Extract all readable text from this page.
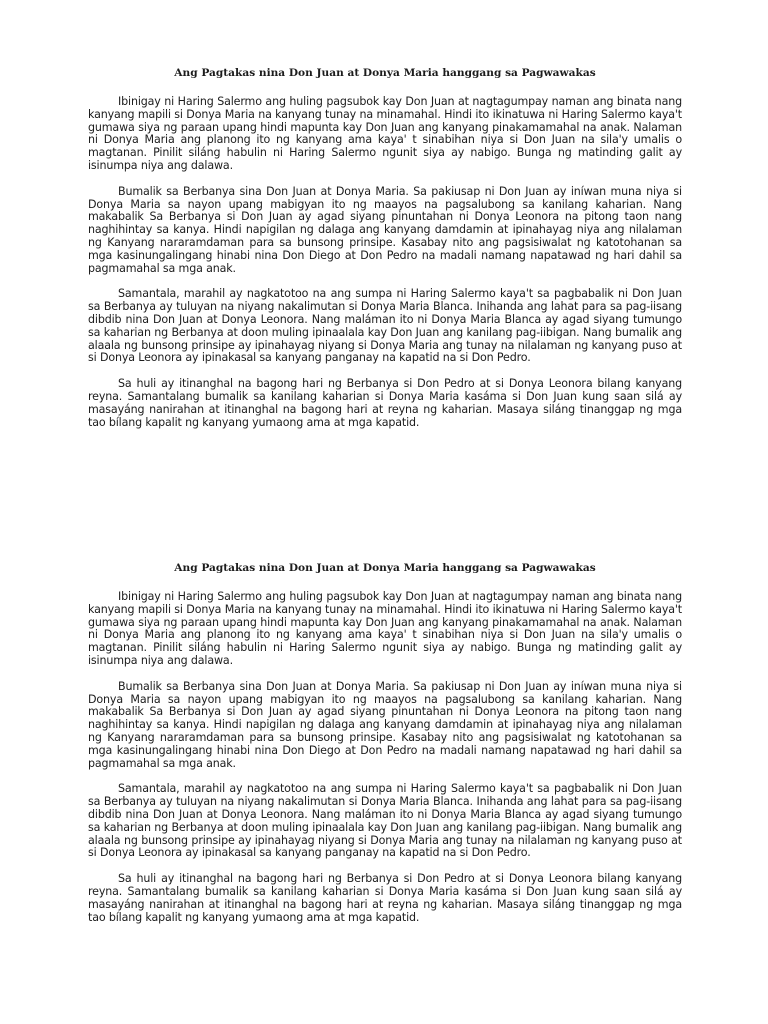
Ang Pagtakas nina Don Juan at Donya Maria hanggang sa Pagwawakas

Ibinigay ni Haring Salermo ang huling pagsubok kay Don Juan at nagtagumpay naman ang binata nang kanyang mapili si Donya Maria na kanyang tunay na minamahal. Hindi ito ikinatuwa ni Haring Salermo kaya't gumawa siya ng paraan upang hindi mapunta kay Don Juan ang kanyang pinakamamahal na anak. Nalaman ni Donya Maria ang planong ito ng kanyang ama kaya' t sinabihan niya si Don Juan na sila'y umalis o magtanan. Pinilit siláng habulin ni Haring Salermo ngunit siya ay nabigo. Bunga ng matinding galit ay isinumpa niya ang dalawa.

Bumalik sa Berbanya sina Don Juan at Donya Maria. Sa pakiusap ni Don Juan ay iníwan muna niya si Donya Maria sa nayon upang mabigyan ito ng maayos na pagsalubong sa kanilang kaharian. Nang makabalik Sa Berbanya si Don Juan ay agad siyang pinuntahan ni Donya Leonora na pitong taon nang naghihintay sa kanya. Hindi napigilan ng dalaga ang kanyang damdamin at ipinahayag niya ang nilalaman ng Kanyang nararamdaman para sa bunsong prinsipe. Kasabay nito ang pagsisiwalat ng katotohanan sa mga kasinungalingang hinabi nina Don Diego at Don Pedro na madali namang napatawad ng hari dahil sa pagmamahal sa mga anak.

Samantala, marahil ay nagkatotoo na ang sumpa ni Haring Salermo kaya't sa pagbabalik ni Don Juan sa Berbanya ay tuluyan na niyang nakalimutan si Donya Maria Blanca. Inihanda ang lahat para sa pag-iisang dibdib nina Don Juan at Donya Leonora. Nang maláman ito ni Donya Maria Blanca ay agad siyang tumungo sa kaharian ng Berbanya at doon muling ipinaalala kay Don Juan ang kanilang pag-iibigan. Nang bumalik ang alaala ng bunsong prinsipe ay ipinahayag niyang si Donya Maria ang tunay na nilalaman ng kanyang puso at si Donya Leonora ay ipinakasal sa kanyang panganay na kapatid na si Don Pedro.

Sa huli ay itinanghal na bagong hari ng Berbanya si Don Pedro at si Donya Leonora bilang kanyang reyna. Samantalang bumalik sa kanilang kaharian si Donya Maria kasáma si Don Juan kung saan silá ay masayáng nanirahan at itinanghal na bagong hari at reyna ng kaharian. Masaya siláng tinanggap ng mga tao bílang kapalit ng kanyang yumaong ama at mga kapatid.

Ang Pagtakas nina Don Juan at Donya Maria hanggang sa Pagwawakas

Ibinigay ni Haring Salermo ang huling pagsubok kay Don Juan at nagtagumpay naman ang binata nang kanyang mapili si Donya Maria na kanyang tunay na minamahal. Hindi ito ikinatuwa ni Haring Salermo kaya't gumawa siya ng paraan upang hindi mapunta kay Don Juan ang kanyang pinakamamahal na anak. Nalaman ni Donya Maria ang planong ito ng kanyang ama kaya' t sinabihan niya si Don Juan na sila'y umalis o magtanan. Pinilit siláng habulin ni Haring Salermo ngunit siya ay nabigo. Bunga ng matinding galit ay isinumpa niya ang dalawa.

Bumalik sa Berbanya sina Don Juan at Donya Maria. Sa pakiusap ni Don Juan ay iníwan muna niya si Donya Maria sa nayon upang mabigyan ito ng maayos na pagsalubong sa kanilang kaharian. Nang makabalik Sa Berbanya si Don Juan ay agad siyang pinuntahan ni Donya Leonora na pitong taon nang naghihintay sa kanya. Hindi napigilan ng dalaga ang kanyang damdamin at ipinahayag niya ang nilalaman ng Kanyang nararamdaman para sa bunsong prinsipe. Kasabay nito ang pagsisiwalat ng katotohanan sa mga kasinungalingang hinabi nina Don Diego at Don Pedro na madali namang napatawad ng hari dahil sa pagmamahal sa mga anak.

Samantala, marahil ay nagkatotoo na ang sumpa ni Haring Salermo kaya't sa pagbabalik ni Don Juan sa Berbanya ay tuluyan na niyang nakalimutan si Donya Maria Blanca. Inihanda ang lahat para sa pag-iisang dibdib nina Don Juan at Donya Leonora. Nang maláman ito ni Donya Maria Blanca ay agad siyang tumungo sa kaharian ng Berbanya at doon muling ipinaalala kay Don Juan ang kanilang pag-iibigan. Nang bumalik ang alaala ng bunsong prinsipe ay ipinahayag niyang si Donya Maria ang tunay na nilalaman ng kanyang puso at si Donya Leonora ay ipinakasal sa kanyang panganay na kapatid na si Don Pedro.

Sa huli ay itinanghal na bagong hari ng Berbanya si Don Pedro at si Donya Leonora bilang kanyang reyna. Samantalang bumalik sa kanilang kaharian si Donya Maria kasáma si Don Juan kung saan silá ay masayáng nanirahan at itinanghal na bagong hari at reyna ng kaharian. Masaya siláng tinanggap ng mga tao bílang kapalit ng kanyang yumaong ama at mga kapatid.
